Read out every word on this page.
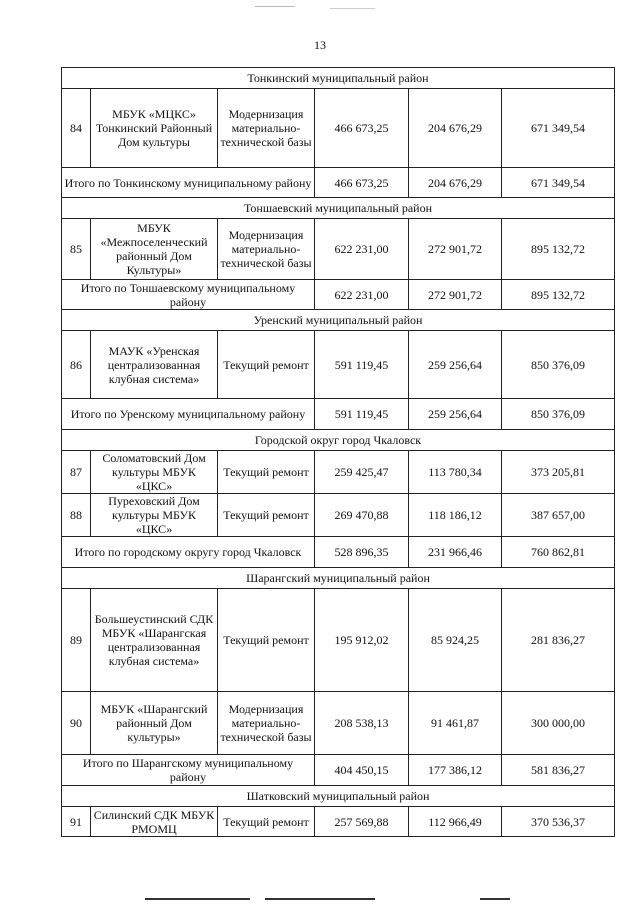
13
Тонкинский муниципальный район					
84	МБУК «МЦКС» Тонкинский Районный Дом культуры	Модернизация материально-технической базы	466 673,25	204 676,29	671 349,54
Итого по Тонкинскому муниципальному району			466 673,25	204 676,29	671 349,54
Тоншаевский муниципальный район					
85	МБУК «Межпоселенческий районный Дом Культуры»	Модернизация материально-технической базы	622 231,00	272 901,72	895 132,72
Итого по Тоншаевскому муниципальному району			622 231,00	272 901,72	895 132,72
Уренский муниципальный район					
86	МАУК «Уренская централизованная клубная система»	Текущий ремонт	591 119,45	259 256,64	850 376,09
Итого по Уренскому муниципальному району			591 119,45	259 256,64	850 376,09
Городской округ город Чкаловск					
87	Соломатовский Дом культуры МБУК «ЦКС»	Текущий ремонт	259 425,47	113 780,34	373 205,81
88	Пуреховский Дом культуры МБУК «ЦКС»	Текущий ремонт	269 470,88	118 186,12	387 657,00
Итого по городскому округу город Чкаловск			528 896,35	231 966,46	760 862,81
Шарангский муниципальный район					
89	Большеустинский СДК МБУК «Шарангская централизованная клубная система»	Текущий ремонт	195 912,02	85 924,25	281 836,27
90	МБУК «Шарангский районный Дом культуры»	Модернизация материально-технической базы	208 538,13	91 461,87	300 000,00
Итого по Шарангскому муниципальному району			404 450,15	177 386,12	581 836,27
Шатковский муниципальный район					
91	Силинский СДК МБУК РМОМЦ	Текущий ремонт	257 569,88	112 966,49	370 536,37
